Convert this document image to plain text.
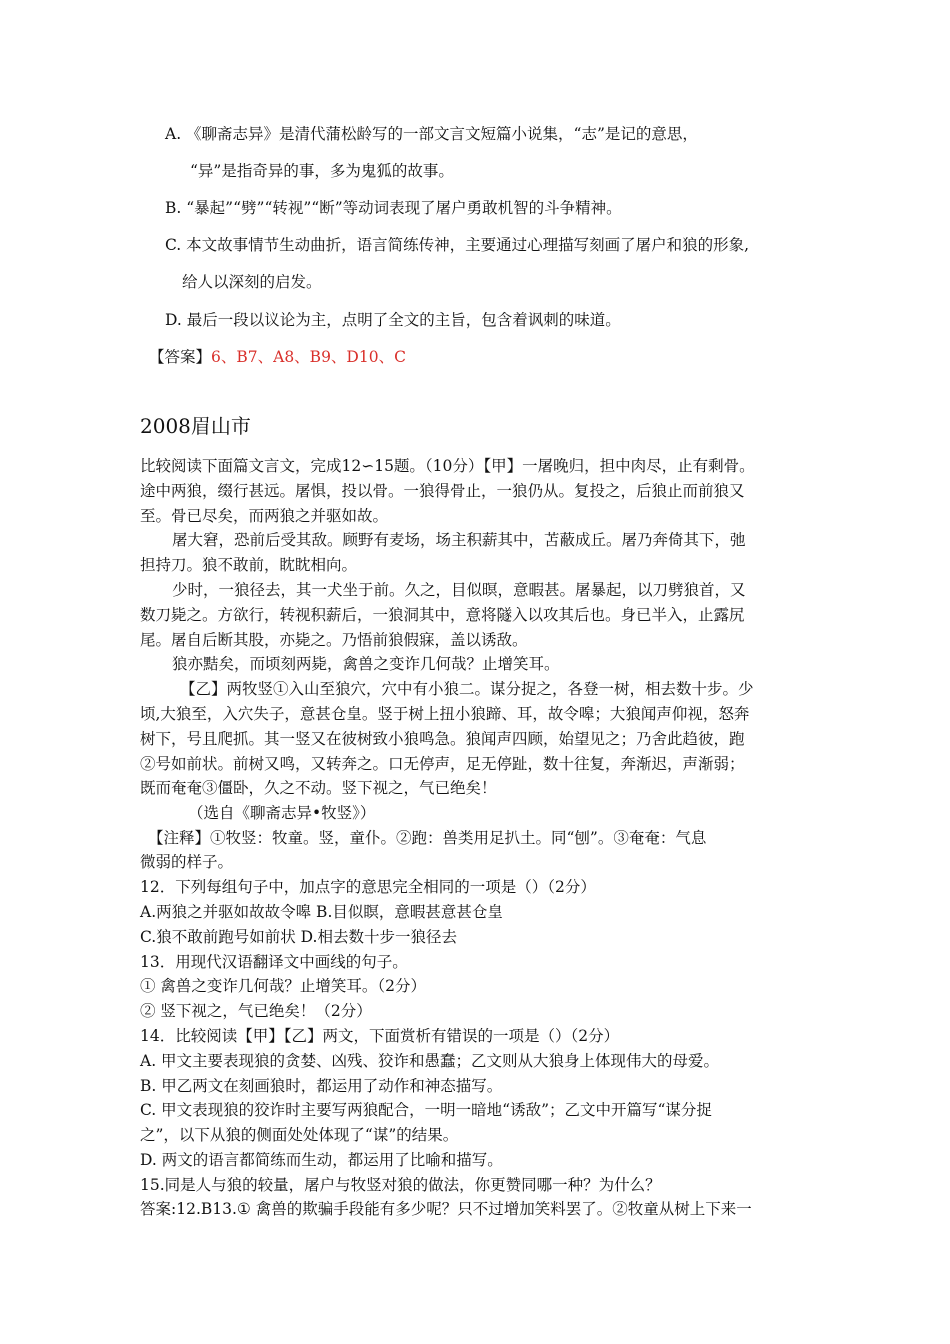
A. 《聊斋志异》是清代蒲松龄写的一部文言文短篇小说集，“志”是记的意思，
“异”是指奇异的事，多为鬼狐的故事。
B. “暴起”“劈”“转视”“断”等动词表现了屠户勇敢机智的斗争精神。
C. 本文故事情节生动曲折，语言简练传神，主要通过心理描写刻画了屠户和狼的形象,
给人以深刻的启发。
D. 最后一段以议论为主，点明了全文的主旨，包含着讽刺的味道。
【答案】6、B7、A8、B9、D10、C
2008眉山市
比较阅读下面篇文言文，完成12∽15题。（10分）【甲】一屠晚归，担中肉尽，止有剩骨。
途中两狼，缀行甚远。屠惧，投以骨。一狼得骨止，一狼仍从。复投之，后狼止而前狼又
至。骨已尽矣，而两狼之并驱如故。
屠大窘，恐前后受其敌。顾野有麦场，场主积薪其中，苫蔽成丘。屠乃奔倚其下，弛
担持刀。狼不敢前，眈眈相向。
少时，一狼径去，其一犬坐于前。久之，目似暝，意暇甚。屠暴起，以刀劈狼首，又
数刀毙之。方欲行，转视积薪后，一狼洞其中，意将隧入以攻其后也。身已半入，止露尻
尾。屠自后断其股，亦毙之。乃悟前狼假寐，盖以诱敌。
狼亦黠矣，而顷刻两毙，禽兽之变诈几何哉？止增笑耳。
【乙】两牧竖①入山至狼穴，穴中有小狼二。谋分捉之，各登一树，相去数十步。少
顷,大狼至，入穴失子，意甚仓皇。竖于树上扭小狼蹄、耳，故令嗥；大狼闻声仰视，怒奔
树下，号且爬抓。其一竖又在彼树致小狼鸣急。狼闻声四顾，始望见之；乃舍此趋彼，跑
②号如前状。前树又鸣，又转奔之。口无停声，足无停趾，数十往复，奔渐迟，声渐弱；
既而奄奄③僵卧，久之不动。竖下视之，气已绝矣！
（选自《聊斋志异•牧竖》）
【注释】①牧竖：牧童。竖，童仆。②跑：兽类用足扒土。同“刨”。③奄奄：气息
微弱的样子。
12．下列每组句子中，加点字的意思完全相同的一项是（）（2分）
A.两狼之并驱如故故令嗥 B.目似瞑，意暇甚意甚仓皇
C.狼不敢前跑号如前状 D.相去数十步一狼径去
13．用现代汉语翻译文中画线的句子。
① 禽兽之变诈几何哉？止增笑耳。（2分）
② 竖下视之，气已绝矣！（2分）
14．比较阅读【甲】【乙】两文，下面赏析有错误的一项是（）（2分）
A. 甲文主要表现狼的贪婪、凶残、狡诈和愚蠢；乙文则从大狼身上体现伟大的母爱。
B. 甲乙两文在刻画狼时，都运用了动作和神态描写。
C. 甲文表现狼的狡诈时主要写两狼配合，一明一暗地“诱敌”；乙文中开篇写“谋分捉
之”，以下从狼的侧面处处体现了“谋”的结果。
D. 两文的语言都简练而生动，都运用了比喻和描写。
15.同是人与狼的较量，屠户与牧竖对狼的做法，你更赞同哪一种？为什么？
答案:12.B13.① 禽兽的欺骗手段能有多少呢？只不过增加笑料罢了。②牧童从树上下来一
